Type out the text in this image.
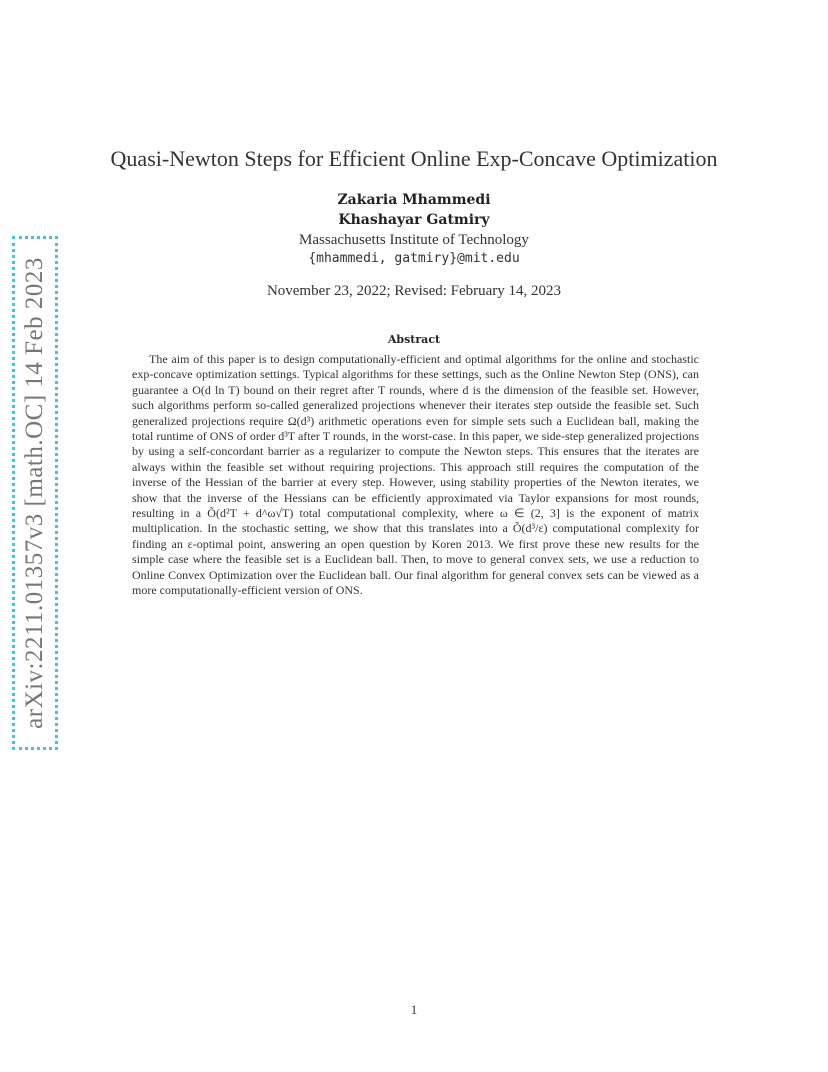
arXiv:2211.01357v3 [math.OC] 14 Feb 2023
Quasi-Newton Steps for Efficient Online Exp-Concave Optimization
Zakaria Mhammedi
Khashayar Gatmiry
Massachusetts Institute of Technology
{mhammedi, gatmiry}@mit.edu
November 23, 2022; Revised: February 14, 2023
Abstract

The aim of this paper is to design computationally-efficient and optimal algorithms for the online and stochastic exp-concave optimization settings. Typical algorithms for these settings, such as the Online Newton Step (ONS), can guarantee a O(d ln T) bound on their regret after T rounds, where d is the dimension of the feasible set. However, such algorithms perform so-called generalized projections whenever their iterates step outside the feasible set. Such generalized projections require Ω(d³) arithmetic operations even for simple sets such a Euclidean ball, making the total runtime of ONS of order d³T after T rounds, in the worst-case. In this paper, we side-step generalized projections by using a self-concordant barrier as a regularizer to compute the Newton steps. This ensures that the iterates are always within the feasible set without requiring projections. This approach still requires the computation of the inverse of the Hessian of the barrier at every step. However, using stability properties of the Newton iterates, we show that the inverse of the Hessians can be efficiently approximated via Taylor expansions for most rounds, resulting in a Õ(d²T + d^ω√T) total computational complexity, where ω ∈ (2, 3] is the exponent of matrix multiplication. In the stochastic setting, we show that this translates into a Õ(d³/ε) computational complexity for finding an ε-optimal point, answering an open question by Koren 2013. We first prove these new results for the simple case where the feasible set is a Euclidean ball. Then, to move to general convex sets, we use a reduction to Online Convex Optimization over the Euclidean ball. Our final algorithm for general convex sets can be viewed as a more computationally-efficient version of ONS.

1
